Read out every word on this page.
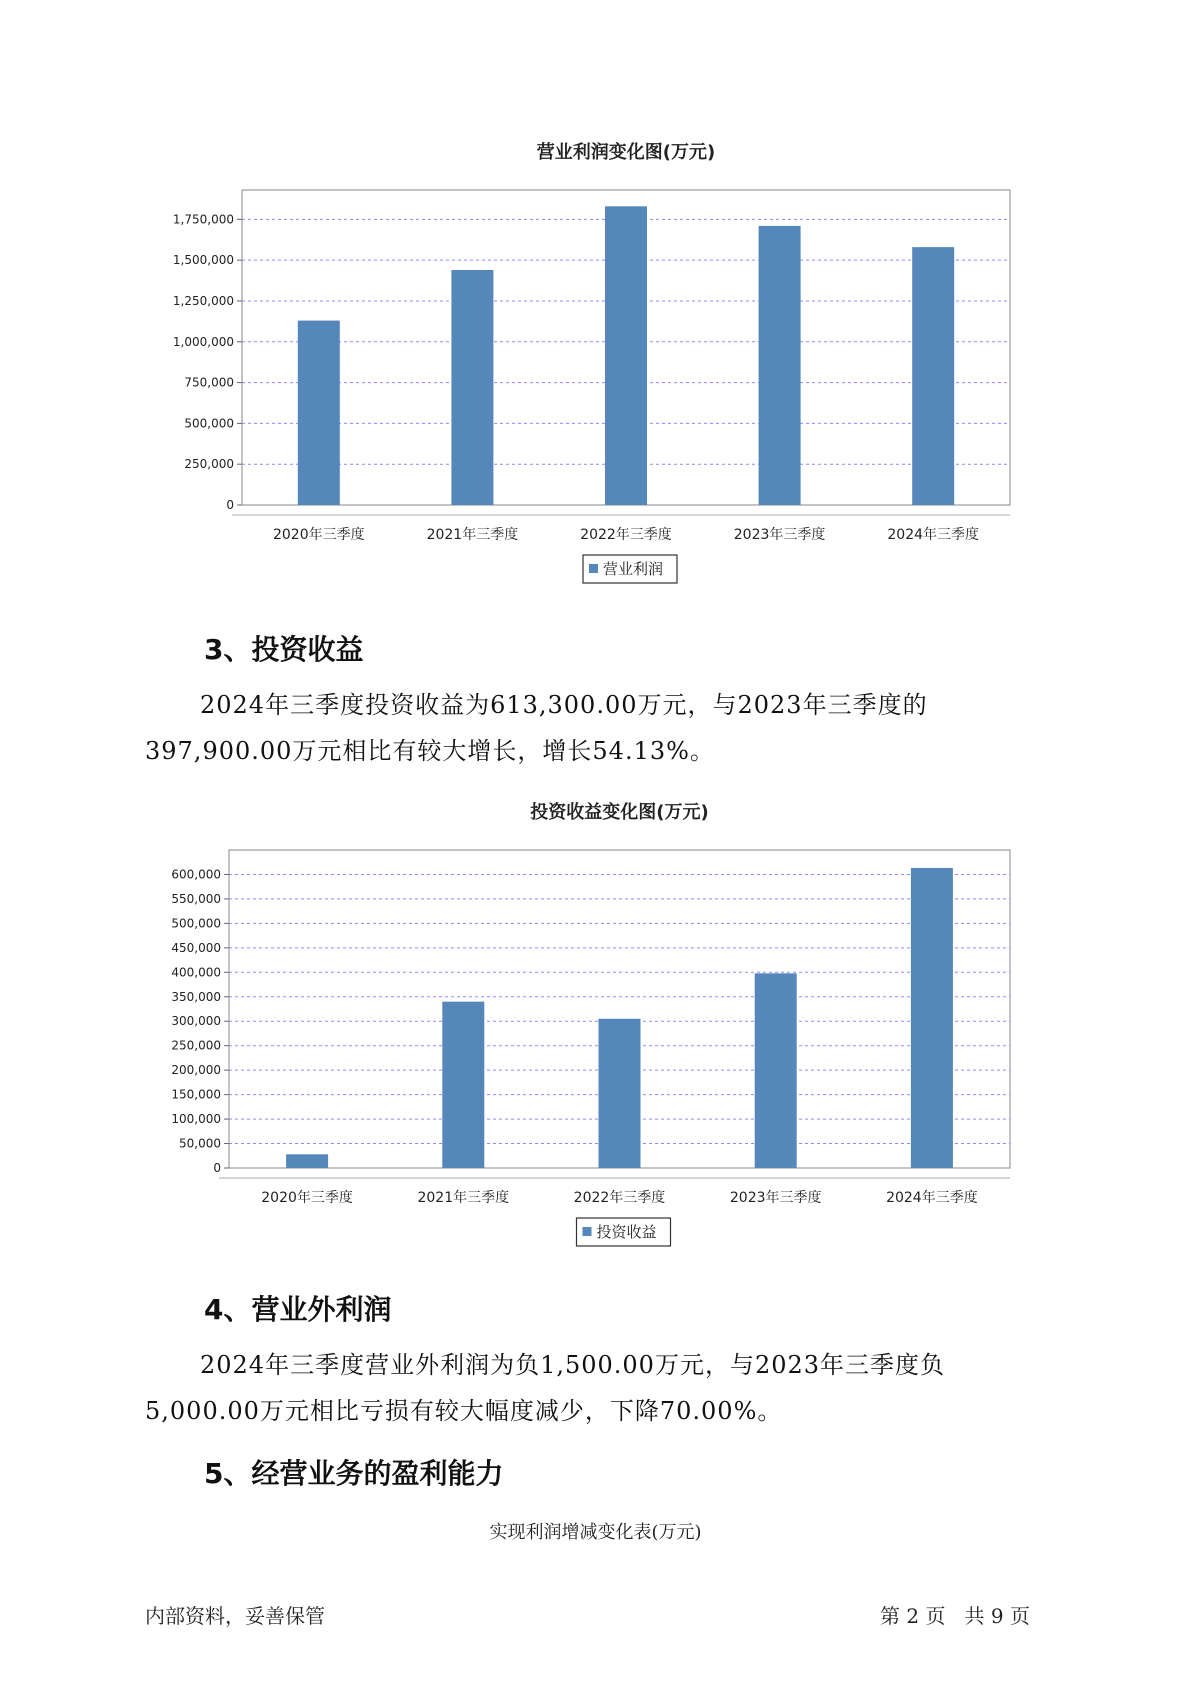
营业利润变化图(万元)
0
250,000
500,000
750,000
1,000,000
1,250,000
1,500,000
1,750,000
2020年三季度	2021年三季度	2022年三季度	2023年三季度	2024年三季度
营业利润
3、投资收益

2024年三季度投资收益为613,300.00万元，与2023年三季度的397,900.00万元相比有较大增长，增长54.13%。

投资收益变化图(万元)
0
50,000
100,000
150,000
200,000
250,000
300,000
350,000
400,000
450,000
500,000
550,000
600,000
2020年三季度	2021年三季度	2022年三季度	2023年三季度	2024年三季度
投资收益
4、营业外利润

2024年三季度营业外利润为负1,500.00万元，与2023年三季度负5,000.00万元相比亏损有较大幅度减少，下降70.00%。

5、经营业务的盈利能力
实现利润增减变化表(万元)
内部资料，妥善保管	第 2 页   共 9 页
